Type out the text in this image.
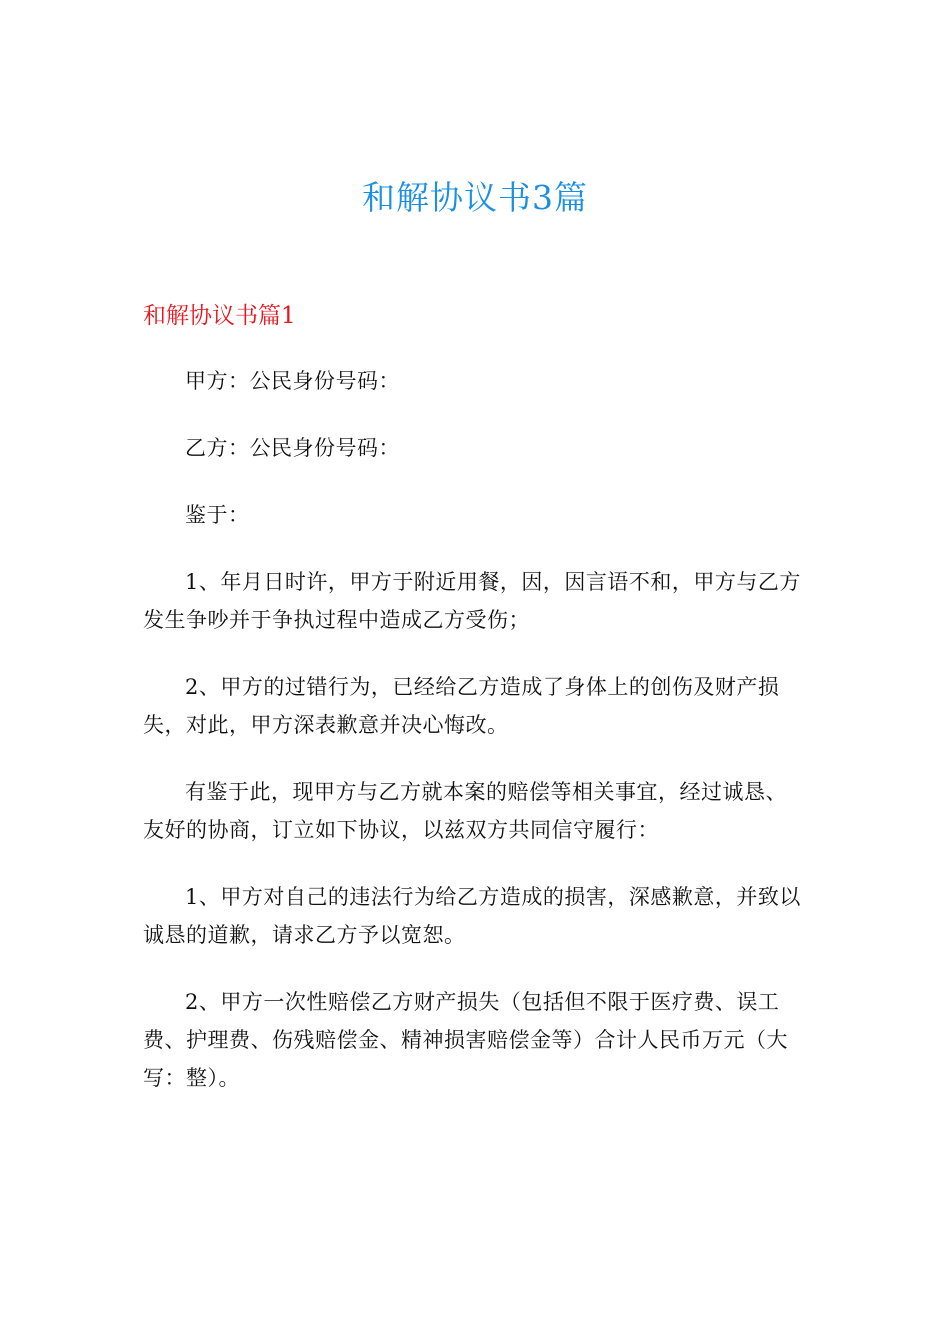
和解协议书3篇
和解协议书篇1

甲方：公民身份号码：

乙方：公民身份号码：

鉴于：

1、年月日时许，甲方于附近用餐，因，因言语不和，甲方与乙方发生争吵并于争执过程中造成乙方受伤；

2、甲方的过错行为，已经给乙方造成了身体上的创伤及财产损失，对此，甲方深表歉意并决心悔改。

有鉴于此，现甲方与乙方就本案的赔偿等相关事宜，经过诚恳、友好的协商，订立如下协议，以兹双方共同信守履行：

1、甲方对自己的违法行为给乙方造成的损害，深感歉意，并致以诚恳的道歉，请求乙方予以宽恕。

2、甲方一次性赔偿乙方财产损失（包括但不限于医疗费、误工费、护理费、伤残赔偿金、精神损害赔偿金等）合计人民币万元（大写：整）。
